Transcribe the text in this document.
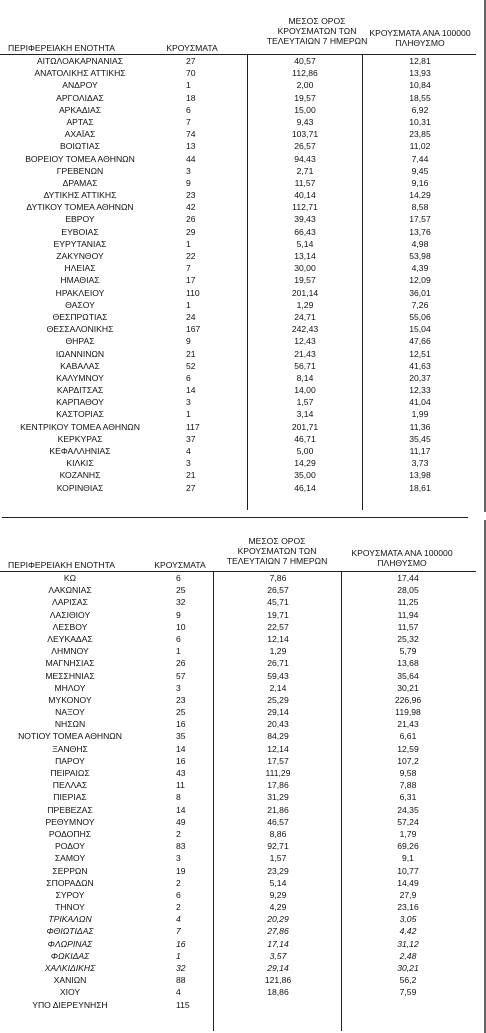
ΜΕΣΟΣ ΟΡΟΣ
ΚΡΟΥΣΜΑΤΩΝ ΤΩΝ
ΤΕΛΕΥΤΑΙΩΝ 7 ΗΜΕΡΩΝ
ΚΡΟΥΣΜΑΤΑ ΑΝΑ 100000
ΠΛΗΘΥΣΜΟ
ΠΕΡΙΦΕΡΕΙΑΚΗ ΕΝΟΤΗΤΑ	ΚΡΟΥΣΜΑΤΑ
ΑΙΤΩΛΟΑΚΑΡΝΑΝΙΑΣ	27	40,57	12,81
ΑΝΑΤΟΛΙΚΗΣ ΑΤΤΙΚΗΣ	70	112,86	13,93
ΑΝΔΡΟΥ	1	2,00	10,84
ΑΡΓΟΛΙΔΑΣ	18	19,57	18,55
ΑΡΚΑΔΙΑΣ	6	15,00	6,92
ΑΡΤΑΣ	7	9,43	10,31
ΑΧΑΪΑΣ	74	103,71	23,85
ΒΟΙΩΤΙΑΣ	13	26,57	11,02
ΒΟΡΕΙΟΥ ΤΟΜΕΑ ΑΘΗΝΩΝ	44	94,43	7,44
ΓΡΕΒΕΝΩΝ	3	2,71	9,45
ΔΡΑΜΑΣ	9	11,57	9,16
ΔΥΤΙΚΗΣ ΑΤΤΙΚΗΣ	23	40,14	14,29
ΔΥΤΙΚΟΥ ΤΟΜΕΑ ΑΘΗΝΩΝ	42	112,71	8,58
ΕΒΡΟΥ	26	39,43	17,57
ΕΥΒΟΙΑΣ	29	66,43	13,76
ΕΥΡΥΤΑΝΙΑΣ	1	5,14	4,98
ΖΑΚΥΝΘΟΥ	22	13,14	53,98
ΗΛΕΙΑΣ	7	30,00	4,39
ΗΜΑΘΙΑΣ	17	19,57	12,09
ΗΡΑΚΛΕΙΟΥ	110	201,14	36,01
ΘΑΣΟΥ	1	1,29	7,26
ΘΕΣΠΡΩΤΙΑΣ	24	24,71	55,06
ΘΕΣΣΑΛΟΝΙΚΗΣ	167	242,43	15,04
ΘΗΡΑΣ	9	12,43	47,66
ΙΩΑΝΝΙΝΩΝ	21	21,43	12,51
ΚΑΒΑΛΑΣ	52	56,71	41,63
ΚΑΛΥΜΝΟΥ	6	8,14	20,37
ΚΑΡΔΙΤΣΑΣ	14	14,00	12,33
ΚΑΡΠΑΘΟΥ	3	1,57	41,04
ΚΑΣΤΟΡΙΑΣ	1	3,14	1,99
ΚΕΝΤΡΙΚΟΥ ΤΟΜΕΑ ΑΘΗΝΩΝ	117	201,71	11,36
ΚΕΡΚΥΡΑΣ	37	46,71	35,45
ΚΕΦΑΛΛΗΝΙΑΣ	4	5,00	11,17
ΚΙΛΚΙΣ	3	14,29	3,73
ΚΟΖΑΝΗΣ	21	35,00	13,98
ΚΟΡΙΝΘΙΑΣ	27	46,14	18,61
ΜΕΣΟΣ ΟΡΟΣ
ΚΡΟΥΣΜΑΤΩΝ ΤΩΝ
ΤΕΛΕΥΤΑΙΩΝ 7 ΗΜΕΡΩΝ
ΚΡΟΥΣΜΑΤΑ ΑΝΑ 100000
ΠΛΗΘΥΣΜΟ
ΠΕΡΙΦΕΡΕΙΑΚΗ ΕΝΟΤΗΤΑ	ΚΡΟΥΣΜΑΤΑ
ΚΩ	6	7,86	17,44
ΛΑΚΩΝΙΑΣ	25	26,57	28,05
ΛΑΡΙΣΑΣ	32	45,71	11,25
ΛΑΣΙΘΙΟΥ	9	19,71	11,94
ΛΕΣΒΟΥ	10	22,57	11,57
ΛΕΥΚΑΔΑΣ	6	12,14	25,32
ΛΗΜΝΟΥ	1	1,29	5,79
ΜΑΓΝΗΣΙΑΣ	26	26,71	13,68
ΜΕΣΣΗΝΙΑΣ	57	59,43	35,64
ΜΗΛΟΥ	3	2,14	30,21
ΜΥΚΟΝΟΥ	23	25,29	226,96
ΝΑΞΟΥ	25	29,14	119,98
ΝΗΣΩΝ	16	20,43	21,43
ΝΟΤΙΟΥ ΤΟΜΕΑ ΑΘΗΝΩΝ	35	84,29	6,61
ΞΑΝΘΗΣ	14	12,14	12,59
ΠΑΡΟΥ	16	17,57	107,2
ΠΕΙΡΑΙΩΣ	43	111,29	9,58
ΠΕΛΛΑΣ	11	17,86	7,88
ΠΙΕΡΙΑΣ	8	31,29	6,31
ΠΡΕΒΕΖΑΣ	14	21,86	24,35
ΡΕΘΥΜΝΟΥ	49	46,57	57,24
ΡΟΔΟΠΗΣ	2	8,86	1,79
ΡΟΔΟΥ	83	92,71	69,26
ΣΑΜΟΥ	3	1,57	9,1
ΣΕΡΡΩΝ	19	23,29	10,77
ΣΠΟΡΑΔΩΝ	2	5,14	14,49
ΣΥΡΟΥ	6	9,29	27,9
ΤΗΝΟΥ	2	4,29	23,16
ΤΡΙΚΑΛΩΝ	4	20,29	3,05
ΦΘΙΩΤΙΔΑΣ	7	27,86	4,42
ΦΛΩΡΙΝΑΣ	16	17,14	31,12
ΦΩΚΙΔΑΣ	1	3,57	2,48
ΧΑΛΚΙΔΙΚΗΣ	32	29,14	30,21
ΧΑΝΙΩΝ	88	121,86	56,2
ΧΙΟΥ	4	18,86	7,59
ΥΠΟ ΔΙΕΡΕΥΝΗΣΗ	115
